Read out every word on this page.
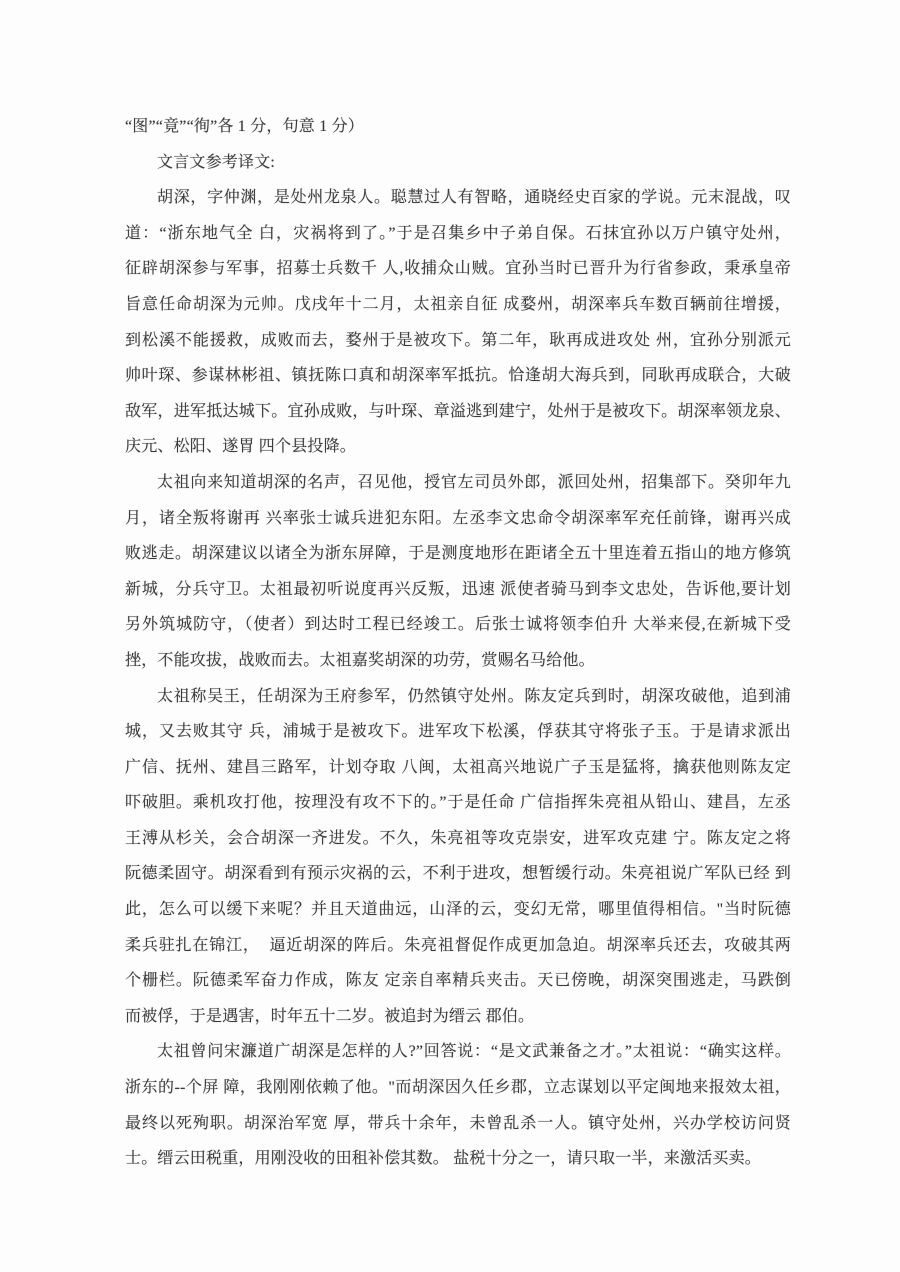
“图”“竟”“徇”各 1 分，句意 1 分）
文言文参考译文:
胡深，字仲渊，是处州龙泉人。聪慧过人有智略，通晓经史百家的学说。元末混战，叹
道：“浙东地气全 白，灾祸将到了。”于是召集乡中子弟自保。石抹宜孙以万户镇守处州，
征辟胡深参与军事，招募士兵数千 人,收捕众山贼。宜孙当时已晋升为行省参政，秉承皇帝
旨意任命胡深为元帅。戊戌年十二月，太祖亲自征 成婺州，胡深率兵车数百辆前往增援，
到松溪不能援救，成败而去，婺州于是被攻下。第二年，耿再成进攻处 州，宜孙分别派元
帅叶琛、参谋林彬祖、镇抚陈口真和胡深率军抵抗。恰逢胡大海兵到，同耿再成联合，大破
敌军，进军抵达城下。宜孙成败，与叶琛、章溢逃到建宁，处州于是被攻下。胡深率领龙泉、
庆元、松阳、遂胃 四个县投降。
太祖向来知道胡深的名声，召见他，授官左司员外郎，派回处州，招集部下。癸卯年九
月，诸全叛将谢再 兴率张士诚兵进犯东阳。左丞李文忠命令胡深率军充任前锋，谢再兴成
败逃走。胡深建议以诸全为浙东屏障，于是测度地形在距诸全五十里连着五指山的地方修筑
新城，分兵守卫。太祖最初听说度再兴反叛，迅速 派使者骑马到李文忠处，告诉他,要计划
另外筑城防守，（使者）到达时工程已经竣工。后张士诚将领李伯升 大举来侵,在新城下受
挫，不能攻拔，战败而去。太祖嘉奖胡深的功劳，赏赐名马给他。
太祖称吴王，任胡深为王府参军，仍然镇守处州。陈友定兵到时，胡深攻破他，追到浦
城，又去败其守 兵，浦城于是被攻下。进军攻下松溪，俘获其守将张子玉。于是请求派出
广信、抚州、建昌三路军，计划夺取 八闽，太祖高兴地说广子玉是猛将，擒获他则陈友定
吓破胆。乘机攻打他，按理没有攻不下的。”于是任命 广信指挥朱亮祖从铅山、建昌，左丞
王溥从杉关，会合胡深一齐进发。不久，朱亮祖等攻克崇安，进军攻克建 宁。陈友定之将
阮德柔固守。胡深看到有预示灾祸的云，不利于进攻，想暂缓行动。朱亮祖说广军队已经 到
此，怎么可以缓下来呢？并且天道曲远，山泽的云，变幻无常，哪里值得相信。"当时阮德
柔兵驻扎在锦江，  逼近胡深的阵后。朱亮祖督促作成更加急迫。胡深率兵还去，攻破其两
个栅栏。阮德柔军奋力作成，陈友 定亲自率精兵夹击。天已傍晚，胡深突围逃走，马跌倒
而被俘，于是遇害，时年五十二岁。被追封为缙云 郡伯。
太祖曾问宋濂道广胡深是怎样的人?”回答说：“是文武兼备之才。”太祖说：“确实这样。
浙东的--个屏 障，我刚刚依赖了他。"而胡深因久任乡郡，立志谋划以平定闽地来报效太祖，
最终以死殉职。胡深治军宽 厚，带兵十余年，未曾乱杀一人。镇守处州，兴办学校访问贤
士。缙云田税重，用刚没收的田租补偿其数。 盐税十分之一，请只取一半，来激活买卖。
